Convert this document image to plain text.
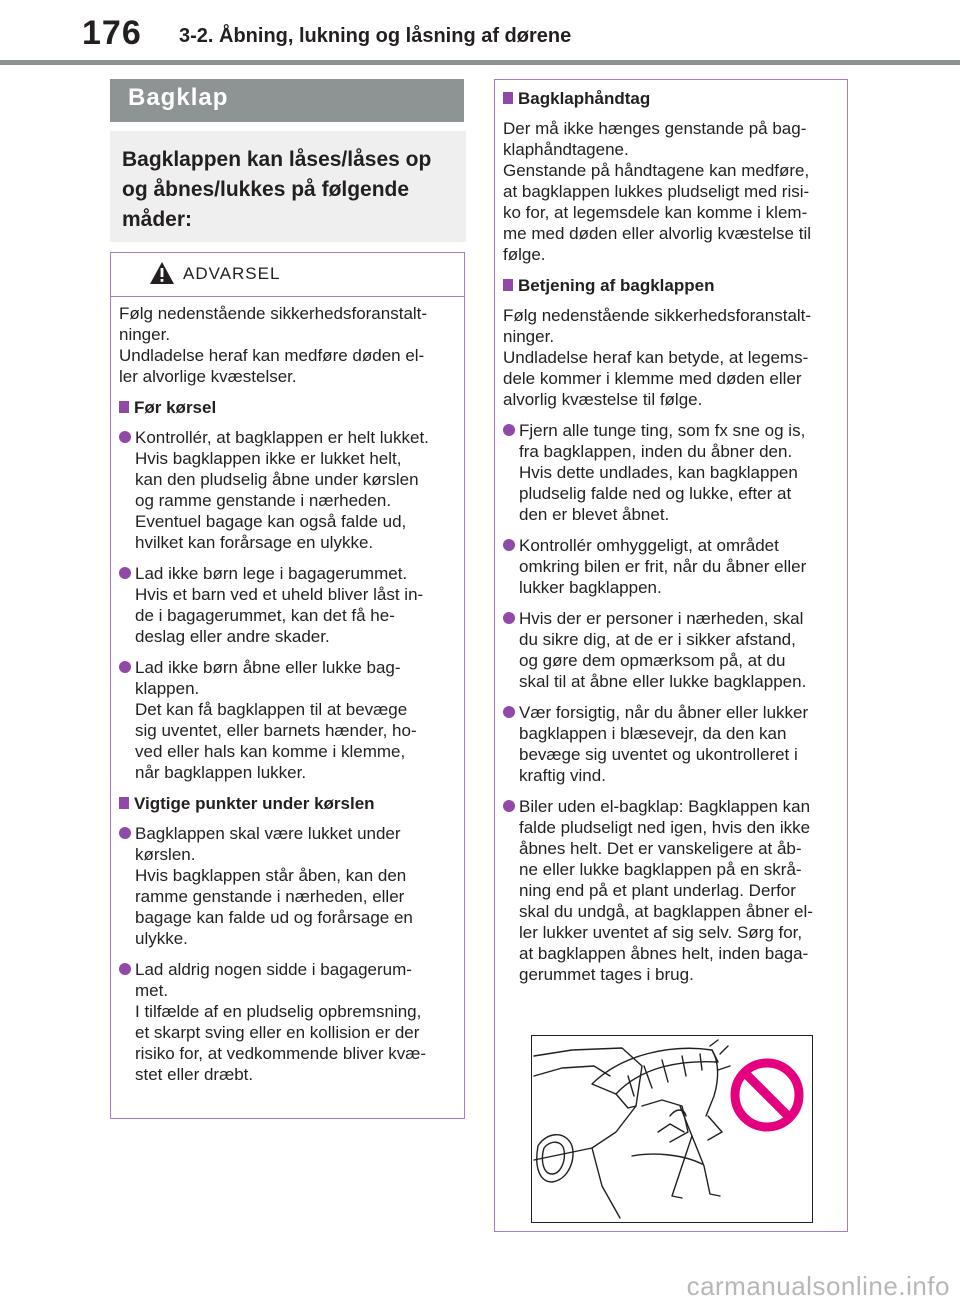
176 3-2. Åbning, lukning og låsning af dørene
Bagklap
Bagklappen kan låses/låses op og åbnes/lukkes på følgende måder:
ADVARSEL
Følg nedenstående sikkerhedsforanstalt-
ninger.
Undladelse heraf kan medføre døden el-
ler alvorlige kvæstelser.
Før kørsel
Kontrollér, at bagklappen er helt lukket.
Hvis bagklappen ikke er lukket helt,
kan den pludselig åbne under kørslen
og ramme genstande i nærheden.
Eventuel bagage kan også falde ud,
hvilket kan forårsage en ulykke.
Lad ikke børn lege i bagagerummet.
Hvis et barn ved et uheld bliver låst in-
de i bagagerummet, kan det få he-
deslag eller andre skader.
Lad ikke børn åbne eller lukke bag-
klappen.
Det kan få bagklappen til at bevæge
sig uventet, eller barnets hænder, ho-
ved eller hals kan komme i klemme,
når bagklappen lukker.
Vigtige punkter under kørslen
Bagklappen skal være lukket under
kørslen.
Hvis bagklappen står åben, kan den
ramme genstande i nærheden, eller
bagage kan falde ud og forårsage en
ulykke.
Lad aldrig nogen sidde i bagagerum-
met.
I tilfælde af en pludselig opbremsning,
et skarpt sving eller en kollision er der
risiko for, at vedkommende bliver kvæ-
stet eller dræbt.
Bagklaphåndtag
Der må ikke hænges genstande på bag-
klaphåndtagene.
Genstande på håndtagene kan medføre,
at bagklappen lukkes pludseligt med risi-
ko for, at legemsdele kan komme i klem-
me med døden eller alvorlig kvæstelse til
følge.
Betjening af bagklappen
Følg nedenstående sikkerhedsforanstalt-
ninger.
Undladelse heraf kan betyde, at legems-
dele kommer i klemme med døden eller
alvorlig kvæstelse til følge.
Fjern alle tunge ting, som fx sne og is,
fra bagklappen, inden du åbner den.
Hvis dette undlades, kan bagklappen
pludselig falde ned og lukke, efter at
den er blevet åbnet.
Kontrollér omhyggeligt, at området
omkring bilen er frit, når du åbner eller
lukker bagklappen.
Hvis der er personer i nærheden, skal
du sikre dig, at de er i sikker afstand,
og gøre dem opmærksom på, at du
skal til at åbne eller lukke bagklappen.
Vær forsigtig, når du åbner eller lukker
bagklappen i blæsevejr, da den kan
bevæge sig uventet og ukontrolleret i
kraftig vind.
Biler uden el-bagklap: Bagklappen kan
falde pludseligt ned igen, hvis den ikke
åbnes helt. Det er vanskeligere at åb-
ne eller lukke bagklappen på en skrå-
ning end på et plant underlag. Derfor
skal du undgå, at bagklappen åbner el-
ler lukker uventet af sig selv. Sørg for,
at bagklappen åbnes helt, inden baga-
gerummet tages i brug.
carmanualsonline.info
